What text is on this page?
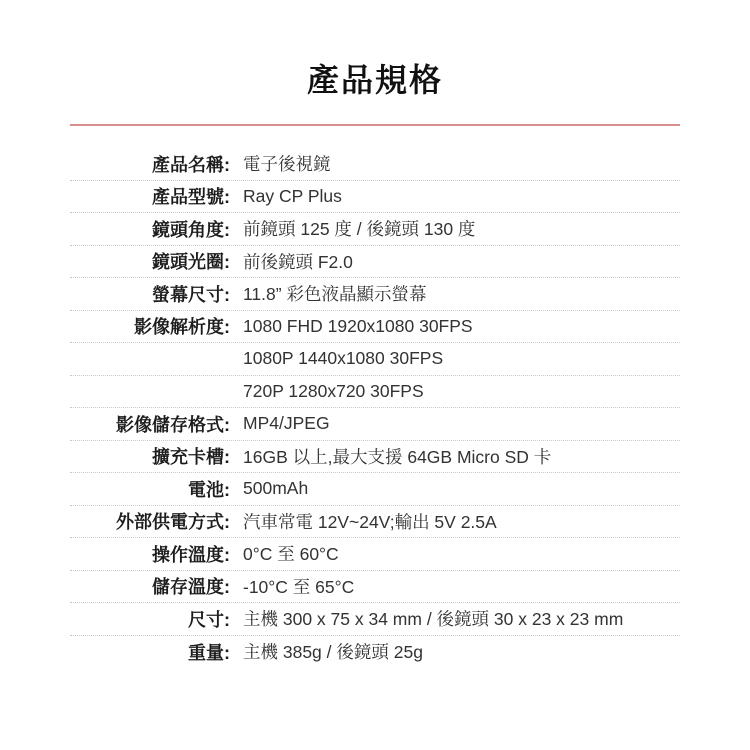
產品規格
產品名稱: 電子後視鏡
產品型號: Ray CP Plus
鏡頭角度: 前鏡頭 125 度 / 後鏡頭 130 度
鏡頭光圈: 前後鏡頭 F2.0
螢幕尺寸: 11.8” 彩色液晶顯示螢幕
影像解析度: 1080 FHD 1920x1080 30FPS
1080P 1440x1080 30FPS
720P 1280x720 30FPS
影像儲存格式: MP4/JPEG
擴充卡槽: 16GB 以上,最大支援 64GB Micro SD 卡
電池: 500mAh
外部供電方式: 汽車常電 12V~24V;輸出 5V 2.5A
操作溫度: 0°C 至 60°C
儲存溫度: -10°C 至 65°C
尺寸: 主機 300 x 75 x 34 mm / 後鏡頭 30 x 23 x 23 mm
重量: 主機 385g / 後鏡頭 25g
